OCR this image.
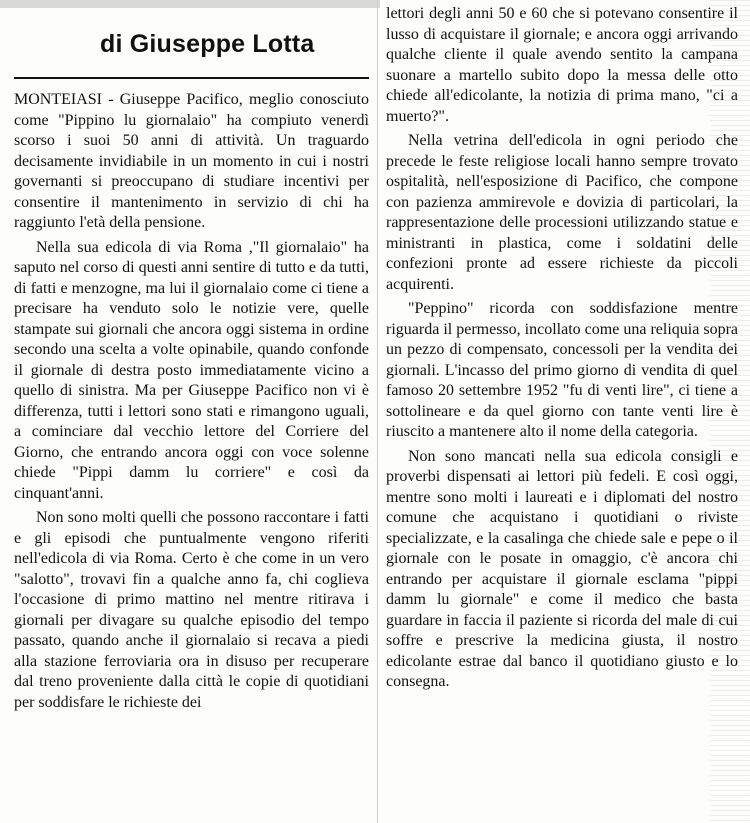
di Giuseppe Lotta

MONTEIASI - Giuseppe Pacifico, meglio conosciuto come "Pippino lu giornalaio" ha compiuto venerdì scorso i suoi 50 anni di attività. Un traguardo decisamente invidiabile in un momento in cui i nostri governanti si preoccupano di studiare incentivi per consentire il mantenimento in servizio di chi ha raggiunto l'età della pensione.

Nella sua edicola di via Roma ,"Il giornalaio" ha saputo nel corso di questi anni sentire di tutto e da tutti, di fatti e menzogne, ma lui il giornalaio come ci tiene a precisare ha venduto solo le notizie vere, quelle stampate sui giornali che ancora oggi sistema in ordine secondo una scelta a volte opinabile, quando confonde il giornale di destra posto immediatamente vicino a quello di sinistra. Ma per Giuseppe Pacifico non vi è differenza, tutti i lettori sono stati e rimangono uguali, a cominciare dal vecchio lettore del Corriere del Giorno, che entrando ancora oggi con voce solenne chiede "Pippi damm lu corriere" e così da cinquant'anni.

Non sono molti quelli che possono raccontare i fatti e gli episodi che puntualmente vengono riferiti nell'edicola di via Roma. Certo è che come in un vero "salotto", trovavi fin a qualche anno fa, chi coglieva l'occasione di primo mattino nel mentre ritirava i giornali per divagare su qualche episodio del tempo passato, quando anche il giornalaio si recava a piedi alla stazione ferroviaria ora in disuso per recuperare dal treno proveniente dalla città le copie di quotidiani per soddisfare le richieste dei

lettori degli anni 50 e 60 che si potevano consentire il lusso di acquistare il giornale; e ancora oggi arrivando qualche cliente il quale avendo sentito la campana suonare a martello subito dopo la messa delle otto chiede all'edicolante, la notizia di prima mano, "ci a muerto?".

Nella vetrina dell'edicola in ogni periodo che precede le feste religiose locali hanno sempre trovato ospitalità, nell'esposizione di Pacifico, che compone con pazienza ammirevole e dovizia di particolari, la rappresentazione delle processioni utilizzando statue e ministranti in plastica, come i soldatini delle confezioni pronte ad essere richieste da piccoli acquirenti.

"Peppino" ricorda con soddisfazione mentre riguarda il permesso, incollato come una reliquia sopra un pezzo di compensato, concessoli per la vendita dei giornali. L'incasso del primo giorno di vendita di quel famoso 20 settembre 1952 "fu di venti lire", ci tiene a sottolineare e da quel giorno con tante venti lire è riuscito a mantenere alto il nome della categoria.

Non sono mancati nella sua edicola consigli e proverbi dispensati ai lettori più fedeli. E così oggi, mentre sono molti i laureati e i diplomati del nostro comune che acquistano i quotidiani o riviste specializzate, e la casalinga che chiede sale e pepe o il giornale con le posate in omaggio, c'è ancora chi entrando per acquistare il giornale esclama "pippi damm lu giornale" e come il medico che basta guardare in faccia il paziente si ricorda del male di cui soffre e prescrive la medicina giusta, il nostro edicolante estrae dal banco il quotidiano giusto e lo consegna.
